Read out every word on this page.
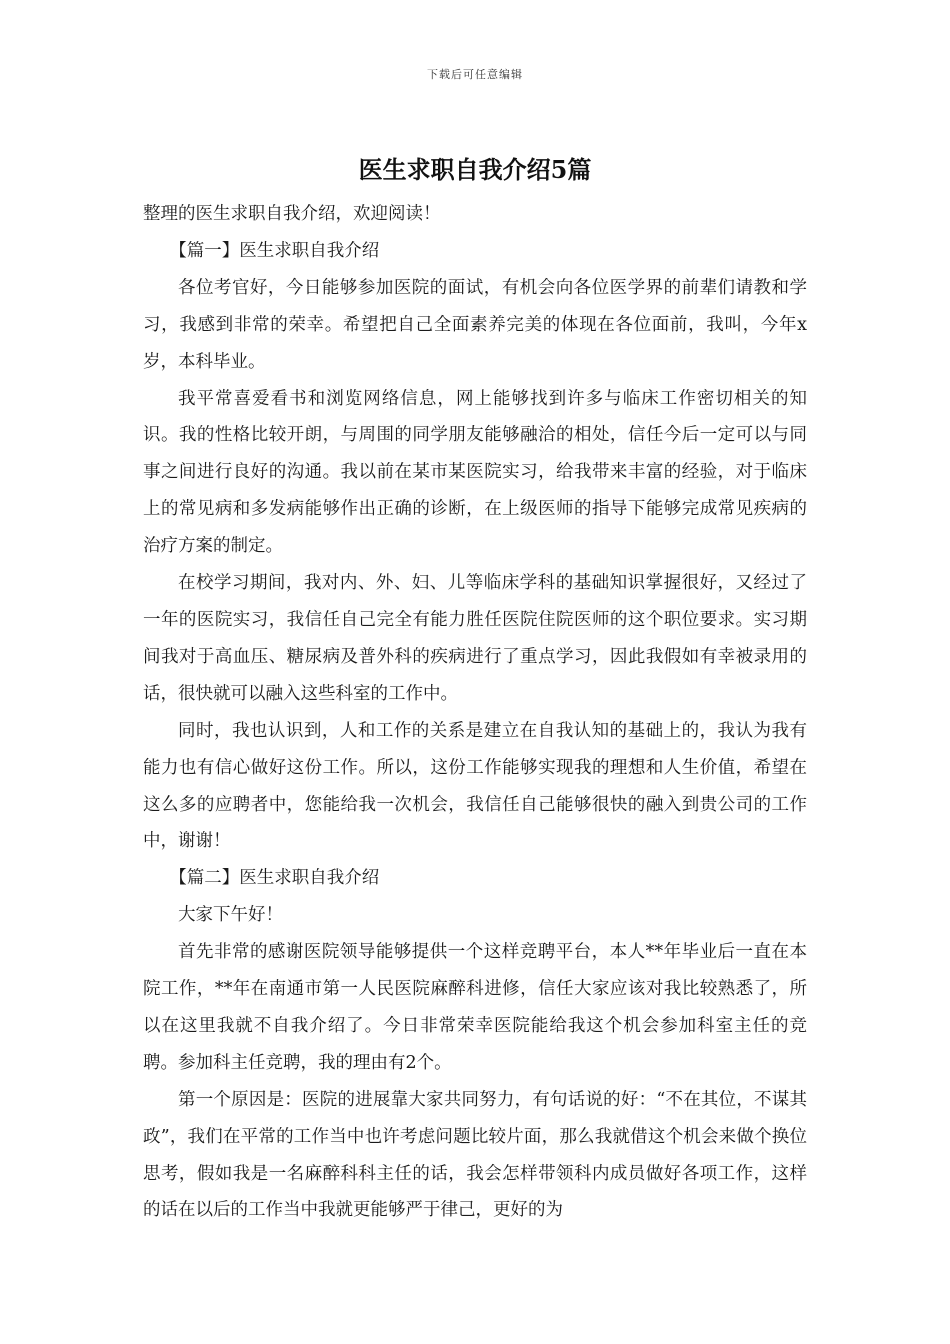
下载后可任意编辑
医生求职自我介绍5篇

整理的医生求职自我介绍，欢迎阅读！

【篇一】医生求职自我介绍

各位考官好，今日能够参加医院的面试，有机会向各位医学界的前辈们请教和学习，我感到非常的荣幸。希望把自己全面素养完美的体现在各位面前，我叫，今年x岁，本科毕业。

我平常喜爱看书和浏览网络信息，网上能够找到许多与临床工作密切相关的知识。我的性格比较开朗，与周围的同学朋友能够融洽的相处，信任今后一定可以与同事之间进行良好的沟通。我以前在某市某医院实习，给我带来丰富的经验，对于临床上的常见病和多发病能够作出正确的诊断，在上级医师的指导下能够完成常见疾病的治疗方案的制定。

在校学习期间，我对内、外、妇、儿等临床学科的基础知识掌握很好，又经过了一年的医院实习，我信任自己完全有能力胜任医院住院医师的这个职位要求。实习期间我对于高血压、糖尿病及普外科的疾病进行了重点学习，因此我假如有幸被录用的话，很快就可以融入这些科室的工作中。

同时，我也认识到，人和工作的关系是建立在自我认知的基础上的，我认为我有能力也有信心做好这份工作。所以，这份工作能够实现我的理想和人生价值，希望在这么多的应聘者中，您能给我一次机会，我信任自己能够很快的融入到贵公司的工作中，谢谢！

【篇二】医生求职自我介绍

大家下午好！

首先非常的感谢医院领导能够提供一个这样竞聘平台，本人**年毕业后一直在本院工作，**年在南通市第一人民医院麻醉科进修，信任大家应该对我比较熟悉了，所以在这里我就不自我介绍了。今日非常荣幸医院能给我这个机会参加科室主任的竞聘。参加科主任竞聘，我的理由有2个。

第一个原因是：医院的进展靠大家共同努力，有句话说的好：“不在其位，不谋其政”，我们在平常的工作当中也许考虑问题比较片面，那么我就借这个机会来做个换位思考，假如我是一名麻醉科科主任的话，我会怎样带领科内成员做好各项工作，这样的话在以后的工作当中我就更能够严于律己，更好的为
